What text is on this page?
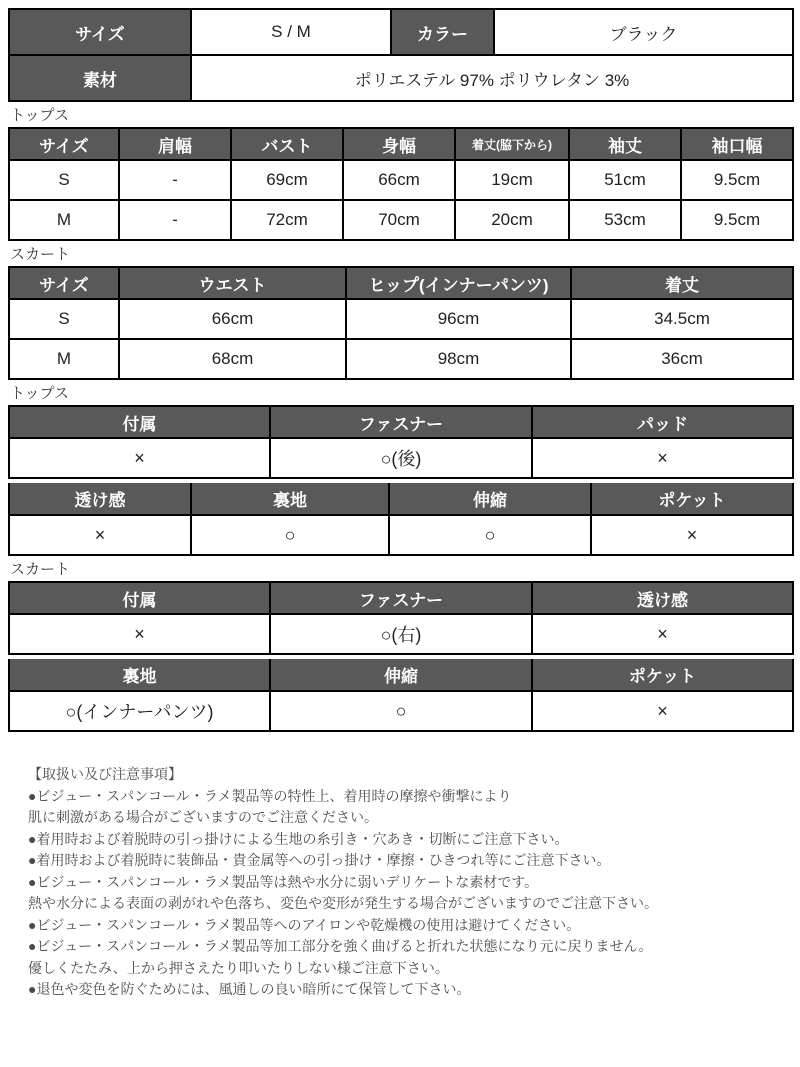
サイズ	S / M	カラー	ブラック
素材	ポリエステル 97% ポリウレタン 3%		
トップス
サイズ	肩幅	バスト	身幅	着丈(脇下から)	袖丈	袖口幅
S	-	69cm	66cm	19cm	51cm	9.5cm
M	-	72cm	70cm	20cm	53cm	9.5cm
スカート
サイズ	ウエスト	ヒップ(インナーパンツ)	着丈
S	66cm	96cm	34.5cm
M	68cm	98cm	36cm
トップス
付属	ファスナー	パッド
×	○(後)	×
透け感	裏地	伸縮	ポケット
×	○	○	×
スカート
付属	ファスナー	透け感
×	○(右)	×
裏地	伸縮	ポケット
○(インナーパンツ)	○	×
【取扱い及び注意事項】
●ビジュー・スパンコール・ラメ製品等の特性上、着用時の摩擦や衝撃により
肌に刺激がある場合がございますのでご注意ください。
●着用時および着脱時の引っ掛けによる生地の糸引き・穴あき・切断にご注意下さい。
●着用時および着脱時に装飾品・貴金属等への引っ掛け・摩擦・ひきつれ等にご注意下さい。
●ビジュー・スパンコール・ラメ製品等は熱や水分に弱いデリケートな素材です。
熱や水分による表面の剥がれや色落ち、変色や変形が発生する場合がございますのでご注意下さい。
●ビジュー・スパンコール・ラメ製品等へのアイロンや乾燥機の使用は避けてください。
●ビジュー・スパンコール・ラメ製品等加工部分を強く曲げると折れた状態になり元に戻りません。
優しくたたみ、上から押さえたり叩いたりしない様ご注意下さい。
●退色や変色を防ぐためには、風通しの良い暗所にて保管して下さい。
